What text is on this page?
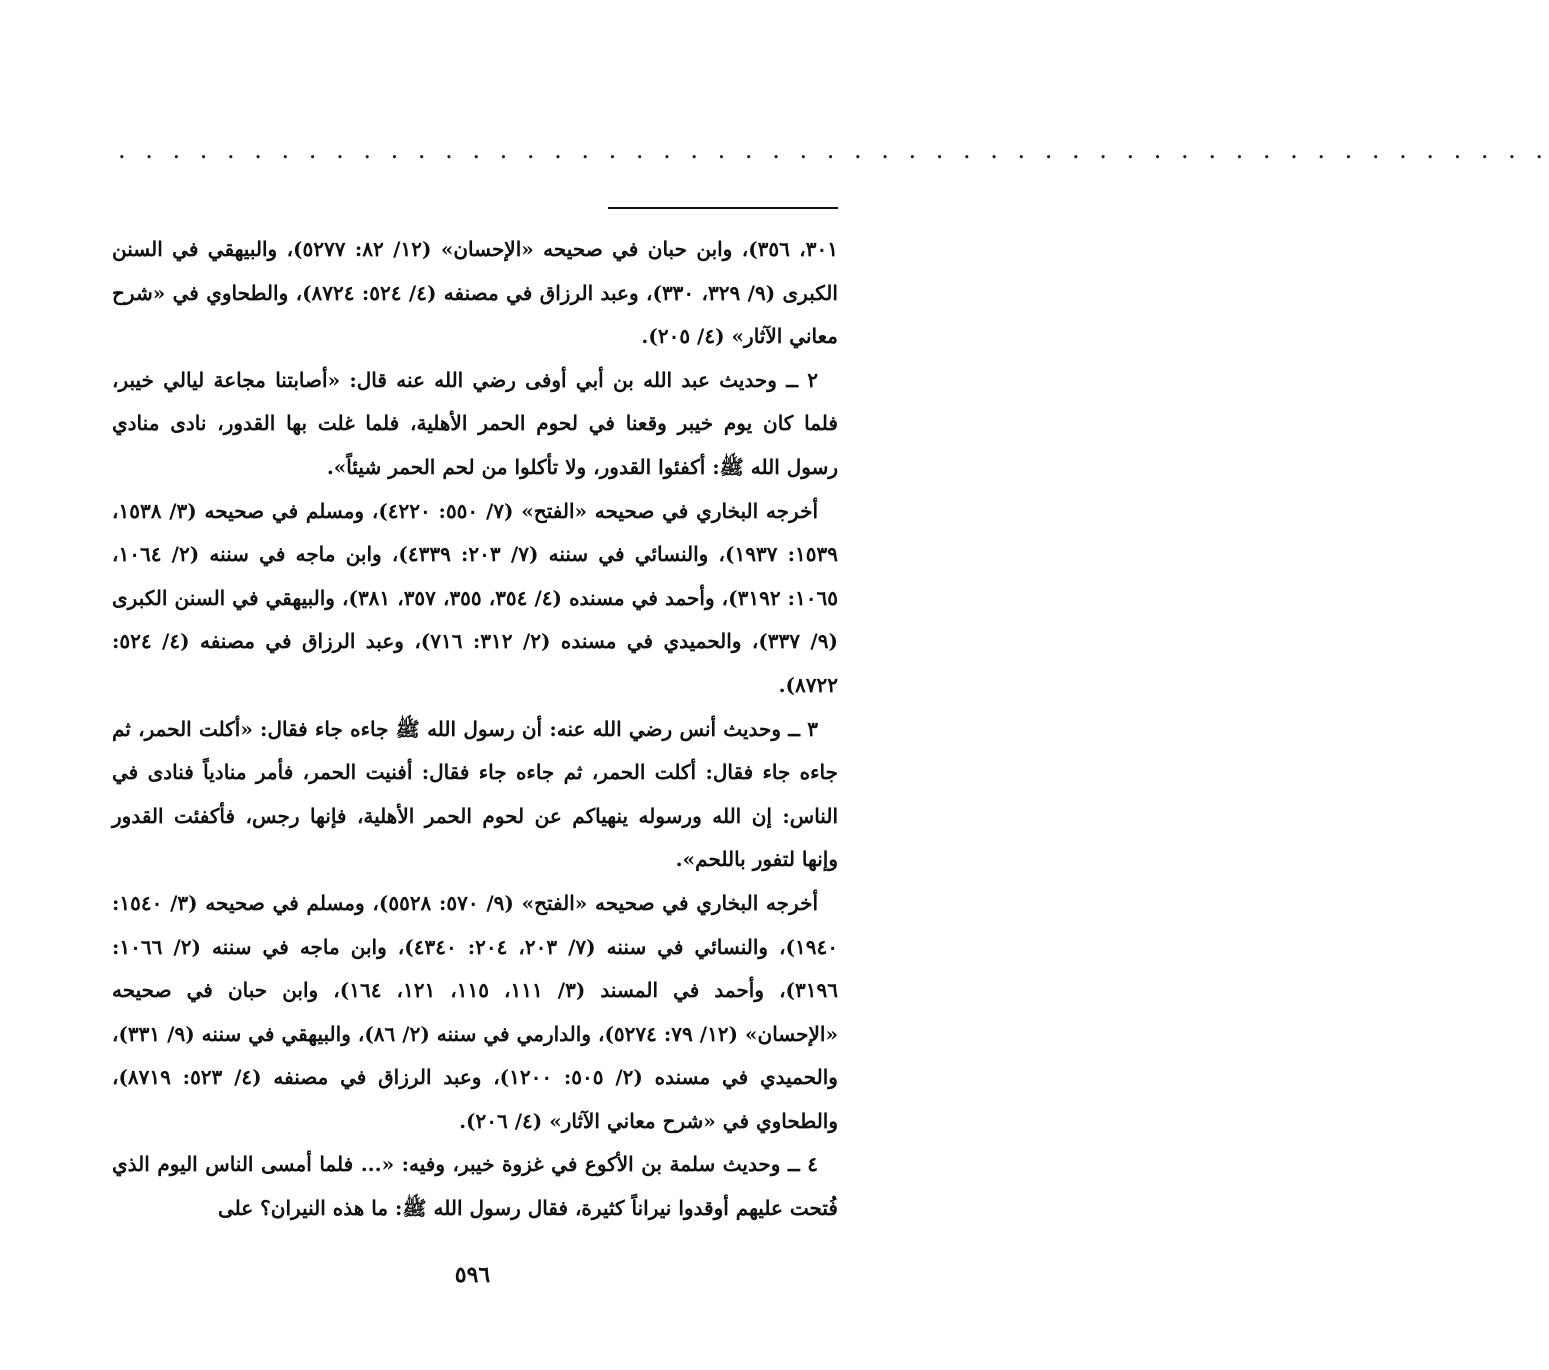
. . . . . . . . . . . . . . . . . . . . . . . . . . . . . . . . . . . . . . . . . . . . . . . . . . . . .

٣٠١، ٣٥٦)، وابن حبان في صحيحه «الإحسان» (١٢/ ٨٢: ٥٢٧٧)، والبيهقي في السنن الكبرى (٩/ ٣٢٩، ٣٣٠)، وعبد الرزاق في مصنفه (٤/ ٥٢٤: ٨٧٢٤)، والطحاوي في «شرح معاني الآثار» (٤/ ٢٠٥).

٢ ــ وحديث عبد الله بن أبي أوفى رضي الله عنه قال: «أصابتنا مجاعة ليالي خيبر، فلما كان يوم خيبر وقعنا في لحوم الحمر الأهلية، فلما غلت بها القدور، نادى منادي رسول الله ﷺ: أكفئوا القدور، ولا تأكلوا من لحم الحمر شيئاً».

أخرجه البخاري في صحيحه «الفتح» (٧/ ٥٥٠: ٤٢٢٠)، ومسلم في صحيحه (٣/ ١٥٣٨، ١٥٣٩: ١٩٣٧)، والنسائي في سننه (٧/ ٢٠٣: ٤٣٣٩)، وابن ماجه في سننه (٢/ ١٠٦٤، ١٠٦٥: ٣١٩٢)، وأحمد في مسنده (٤/ ٣٥٤، ٣٥٥، ٣٥٧، ٣٨١)، والبيهقي في السنن الكبرى (٩/ ٣٣٧)، والحميدي في مسنده (٢/ ٣١٢: ٧١٦)، وعبد الرزاق في مصنفه (٤/ ٥٢٤: ٨٧٢٢).

٣ ــ وحديث أنس رضي الله عنه: أن رسول الله ﷺ جاءه جاء فقال: «أكلت الحمر، ثم جاءه جاء فقال: أكلت الحمر، ثم جاءه جاء فقال: أفنيت الحمر، فأمر منادياً فنادى في الناس: إن الله ورسوله ينهياكم عن لحوم الحمر الأهلية، فإنها رجس، فأكفئت القدور وإنها لتفور باللحم».

أخرجه البخاري في صحيحه «الفتح» (٩/ ٥٧٠: ٥٥٢٨)، ومسلم في صحيحه (٣/ ١٥٤٠: ١٩٤٠)، والنسائي في سننه (٧/ ٢٠٣، ٢٠٤: ٤٣٤٠)، وابن ماجه في سننه (٢/ ١٠٦٦: ٣١٩٦)، وأحمد في المسند (٣/ ١١١، ١١٥، ١٢١، ١٦٤)، وابن حبان في صحيحه «الإحسان» (١٢/ ٧٩: ٥٢٧٤)، والدارمي في سننه (٢/ ٨٦)، والبيهقي في سننه (٩/ ٣٣١)، والحميدي في مسنده (٢/ ٥٠٥: ١٢٠٠)، وعبد الرزاق في مصنفه (٤/ ٥٢٣: ٨٧١٩)، والطحاوي في «شرح معاني الآثار» (٤/ ٢٠٦).

٤ ــ وحديث سلمة بن الأكوع في غزوة خيبر، وفيه: «... فلما أمسى الناس اليوم الذي فُتحت عليهم أوقدوا نيراناً كثيرة، فقال رسول الله ﷺ: ما هذه النيران؟ على

٥٩٦
